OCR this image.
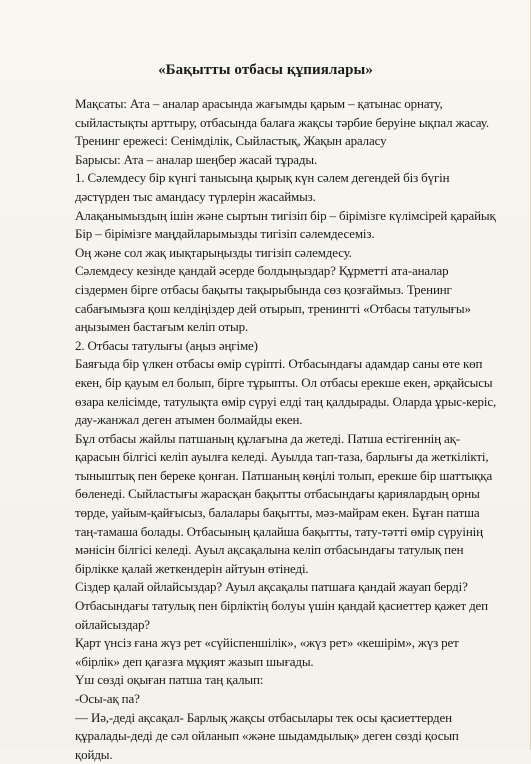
«Бақытты отбасы құпиялары»
Мақсаты: Ата – аналар арасында жағымды қарым – қатынас орнату,
сыйластықты арттыру, отбасында балаға жақсы тәрбие беруіне ықпал жасау.
Тренинг ережесі: Сенімділік, Сыйластық, Жақын араласу
Барысы: Ата – аналар шеңбер жасай тұрады.
1. Сәлемдесу бір күнгі танысыңа қырық күн сәлем дегендей біз бүгін
дәстүрден тыс амандасу түрлерін жасаймыз.
Алақанымыздың ішін және сыртын тигізіп бір – бірімізге күлімсірей қарайық
Бір – бірімізге маңдайларымызды тигізіп сәлемдесеміз.
Оң және сол жақ иықтарыңызды тигізіп сәлемдесу.
Сәлемдесу кезінде қандай әсерде болдыңыздар? Құрметті ата-аналар
сіздермен бірге отбасы бақыты тақырыбында сөз қозғаймыз. Тренинг
сабағымызға қош келдіңіздер дей отырып, тренингті «Отбасы татулығы»
аңызымен бастағым келіп отыр.
2. Отбасы татулығы (аңыз әңгіме)
Баяғыда бір үлкен отбасы өмір сүріпті. Отбасындағы адамдар саны өте көп
екен, бір қауым ел болып, бірге тұрыпты. Ол отбасы ерекше екен, әрқайсысы
өзара келісімде, татулықта өмір сүруі елді таң қалдырады. Оларда ұрыс-керіс,
дау-жанжал деген атымен болмайды екен.
Бұл отбасы жайлы патшаның құлағына да жетеді. Патша естігеннің ақ-
қарасын білгісі келіп ауылға келеді. Ауылда тап-таза, барлығы да жеткілікті,
тыныштық пен береке қонған. Патшаның көңілі толып, ерекше бір шаттыққа
бөленеді. Сыйластығы жарасқан бақытты отбасындағы қариялардың орны
төрде, уайым-қайғысыз, балалары бақытты, мәз-майрам екен. Бұған патша
таң-тамаша болады. Отбасының қалайша бақытты, тату-тәтті өмір сүруінің
мәнісін білгісі келеді. Ауыл ақсақалына келіп отбасындағы татулық пен
бірлікке қалай жеткендерін айтуын өтінеді.
Сіздер қалай ойлайсыздар? Ауыл ақсақалы патшаға қандай жауап берді?
Отбасындағы татулық пен бірліктің болуы үшін қандай қасиеттер қажет деп
ойлайсыздар?
Қарт үнсіз ғана жүз рет «сүйіспеншілік», «жүз рет» «кешірім», жүз рет
«бірлік» деп қағазға мұқият жазып шығады.
Үш сөзді оқыған патша таң қалып:
-Осы-ақ па?
— Иә,-деді ақсақал- Барлық жақсы отбасылары тек осы қасиеттерден
құралады-деді де сәл ойланып «және шыдамдылық» деген сөзді қосып
қойды.
